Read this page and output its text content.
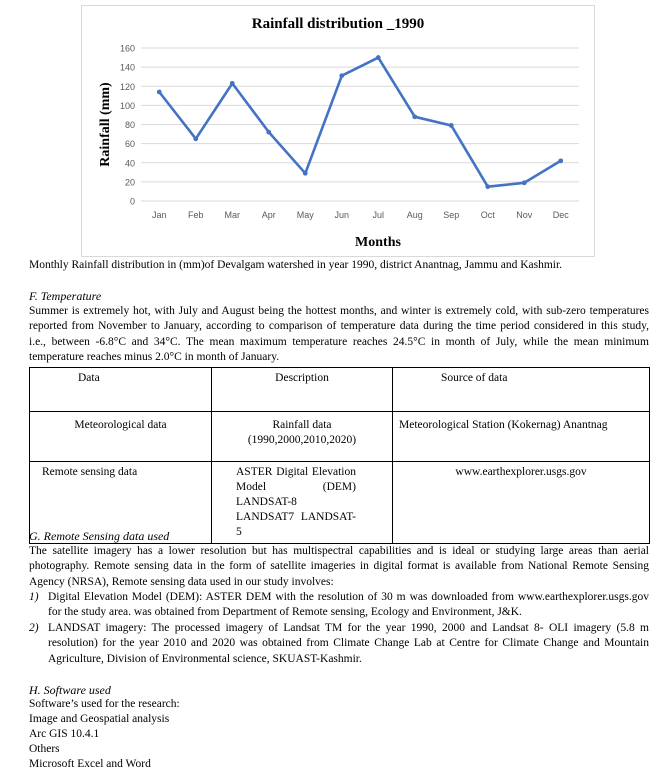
0
20
40
60
80
100
120
140
160
Jan Feb Mar Apr May Jun	Jul	Aug Sep Oct Nov Dec
Rainfall distribution _1990
Months
Rainfall (mm)
Monthly Rainfall distribution in (mm)of Devalgam watershed in year 1990, district Anantnag, Jammu and Kashmir.
F. Temperature
Summer is extremely hot, with July and August being the hottest months, and winter is extremely cold, with sub-zero temperatures
reported from November to January, according to comparison of temperature data during the time period considered in this study,
i.e., between -6.8°C and 34°C. The mean maximum temperature reaches 24.5°C in month of July, while the mean minimum
temperature reaches minus 2.0°C in month of January.
Data	Description	Source of data
Meteorological data	Rainfall data (1990,2000,2010,2020)	Meteorological Station (Kokernag) Anantnag
Remote sensing data	ASTER Digital Elevation Model (DEM) LANDSAT-8 LANDSAT7 LANDSAT-5	www.earthexplorer.usgs.gov
G. Remote Sensing data used
The satellite imagery has a lower resolution but has multispectral capabilities and is ideal or studying large areas than aerial
photography. Remote sensing data in the form of satellite imageries in digital format is available from National Remote Sensing
Agency (NRSA), Remote sensing data used in our study involves:
1) Digital Elevation Model (DEM): ASTER DEM with the resolution of 30 m was downloaded from www.earthexplorer.usgs.gov
for the study area. was obtained from Department of Remote sensing, Ecology and Environment, J&K.
2) LANDSAT imagery: The processed imagery of Landsat TM for the year 1990, 2000 and Landsat 8- OLI imagery (5.8 m
resolution) for the year 2010 and 2020 was obtained from Climate Change Lab at Centre for Climate Change and Mountain
Agriculture, Division of Environmental science, SKUAST-Kashmir.
H. Software used
Software’s used for the research:
Image and Geospatial analysis
Arc GIS 10.4.1
Others
Microsoft Excel and Word
